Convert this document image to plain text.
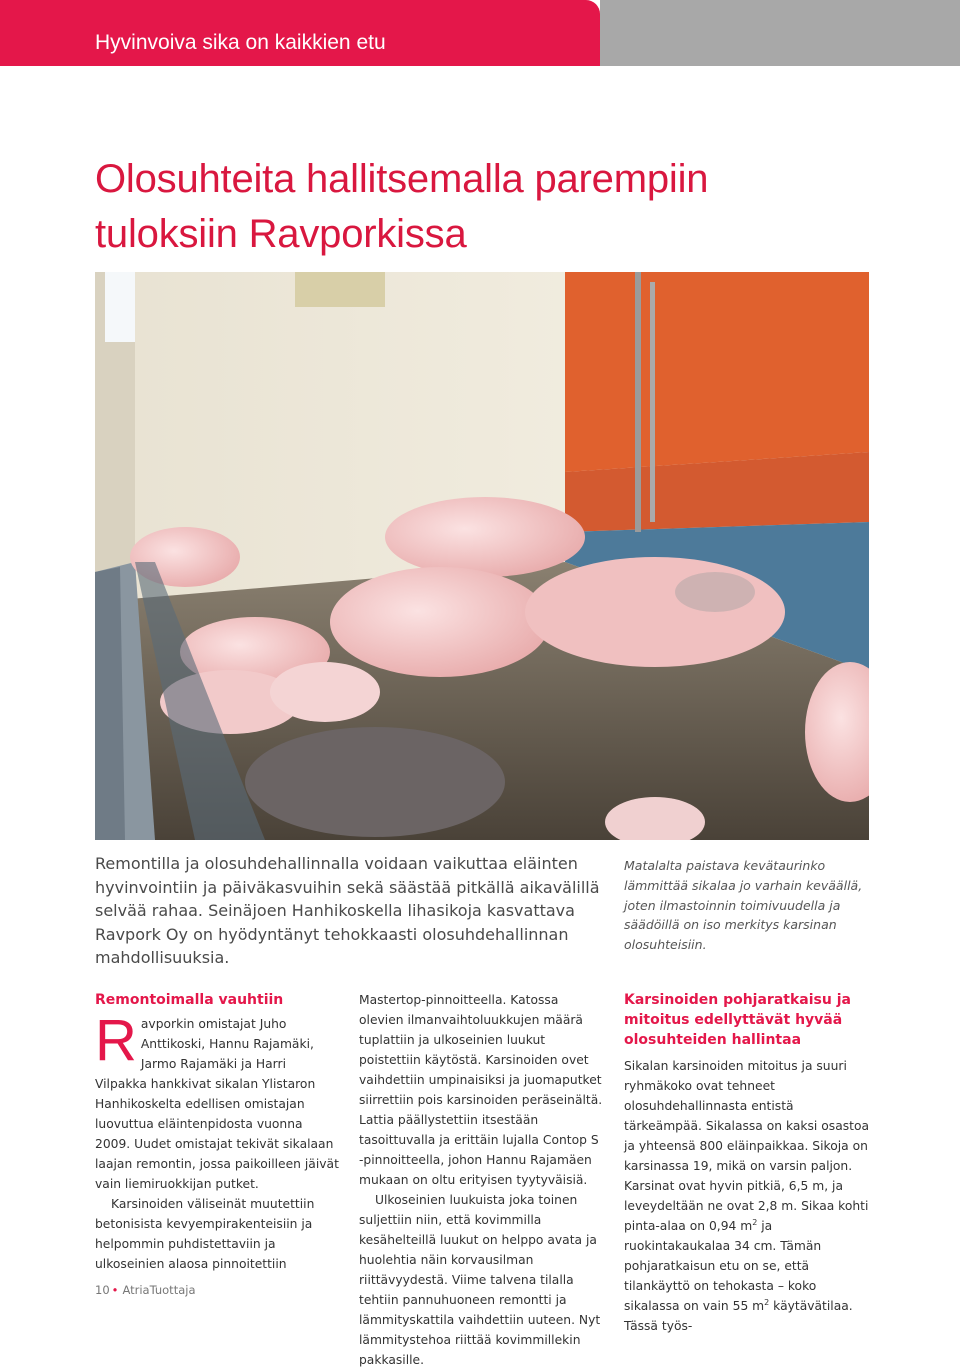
Hyvinvoiva sika on kaikkien etu
Olosuhteita hallitsemalla parempiin
tuloksiin Ravporkissa
Remontilla ja olosuhdehallinnalla voidaan vaikuttaa eläinten hyvinvointiin ja päiväkasvuihin sekä säästää pitkällä aikavälillä selvää rahaa. Seinäjoen Hanhikoskella lihasikoja kasvattava Ravpork Oy on hyödyntänyt tehokkaasti olosuhdehallinnan mahdollisuuksia.
Matalalta paistava kevätaurinko lämmittää sikalaa jo varhain keväällä, joten ilmastoinnin toimivuudella ja säädöillä on iso merkitys karsinan olosuhteisiin.
Remontoimalla vauhtiin

Ravporkin omistajat Juho Anttikoski, Hannu Rajamäki, Jarmo Rajamäki ja Harri Vilpakka hankkivat sikalan Ylistaron Hanhikoskelta edellisen omistajan luovuttua eläintenpidosta vuonna 2009. Uudet omistajat tekivät sikalaan laajan remontin, jossa paikoilleen jäivät vain liemiruokkijan putket.

Karsinoiden väliseinät muutettiin betonisista kevyempirakenteisiin ja helpommin puhdistettaviin ja ulkoseinien alaosa pinnoitettiin

Mastertop-pinnoitteella. Katossa olevien ilmanvaihtoluukkujen määrä tuplattiin ja ulkoseinien luukut poistettiin käytöstä. Karsinoiden ovet vaihdettiin umpinaisiksi ja juomaputket siirrettiin pois karsinoiden peräseinältä. Lattia päällystettiin itsestään tasoittuvalla ja erittäin lujalla Contop S -pinnoitteella, johon Hannu Rajamäen mukaan on oltu erityisen tyytyväisiä.

Ulkoseinien luukuista joka toinen suljettiin niin, että kovimmilla kesähelteillä luukut on helppo avata ja huolehtia näin korvausilman riittävyydestä. Viime talvena tilalla tehtiin pannuhuoneen remontti ja lämmityskattila vaihdettiin uuteen. Nyt lämmitystehoa riittää kovimmillekin pakkasille.

Karsinoiden pohjaratkaisu ja mitoitus edellyttävät hyvää olosuhteiden hallintaa

Sikalan karsinoiden mitoitus ja suuri ryhmäkoko ovat tehneet olosuhdehallinnasta entistä tärkeämpää. Sikalassa on kaksi osastoa ja yhteensä 800 eläinpaikkaa. Sikoja on karsinassa 19, mikä on varsin paljon. Karsinat ovat hyvin pitkiä, 6,5 m, ja leveydeltään ne ovat 2,8 m. Sikaa kohti pinta-alaa on 0,94 $m^2$ ja ruokintakaukalaa 34 cm. Tämän pohjaratkaisun etu on se, että tilankäyttö on tehokasta – koko sikalassa on vain 55 $m^2$ käytävätilaa. Tässä työs-

10 • AtriaTuottaja
